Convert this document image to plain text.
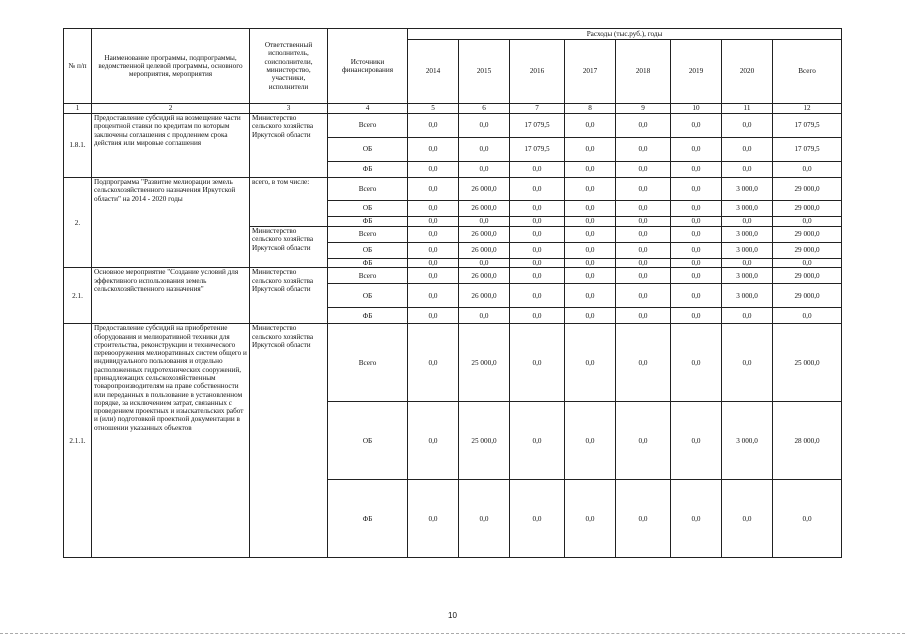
№ п/п	Наименование программы, подпрограммы, ведомственной целевой программы, основного мероприятия, мероприятия	Ответственный исполнитель, соисполнители, министерство, участники, исполнители	Источники финансирования	Расходы (тыс.руб.), годы							
				2014	2015	2016	2017	2018	2019	2020	Всего
1	2	3	4	5	6	7	8	9	10	11	12
1.8.1.	Предоставление субсидий на возмещение части процентной ставки по кредитам по которым заключены соглашения с продлением срока действия или мировые соглашения	Министерство сельского хозяйства Иркутской области	Всего	0,0	0,0	17 079,5	0,0	0,0	0,0	0,0	17 079,5
			ОБ	0,0	0,0	17 079,5	0,0	0,0	0,0	0,0	17 079,5
			ФБ	0,0	0,0	0,0	0,0	0,0	0,0	0,0	0,0
2.	Подпрограмма "Развитие мелиорации земель сельскохозяйственного назначения Иркутской области" на 2014 - 2020 годы	всего, в том числе:	Всего	0,0	26 000,0	0,0	0,0	0,0	0,0	3 000,0	29 000,0
			ОБ	0,0	26 000,0	0,0	0,0	0,0	0,0	3 000,0	29 000,0
			ФБ	0,0	0,0	0,0	0,0	0,0	0,0	0,0	0,0
		Министерство сельского хозяйства Иркутской области	Всего	0,0	26 000,0	0,0	0,0	0,0	0,0	3 000,0	29 000,0
			ОБ	0,0	26 000,0	0,0	0,0	0,0	0,0	3 000,0	29 000,0
			ФБ	0,0	0,0	0,0	0,0	0,0	0,0	0,0	0,0
2.1.	Основное мероприятие "Создание условий для эффективного использования земель сельскохозяйственного назначения"	Министерство сельского хозяйства Иркутской области	Всего	0,0	26 000,0	0,0	0,0	0,0	0,0	3 000,0	29 000,0
			ОБ	0,0	26 000,0	0,0	0,0	0,0	0,0	3 000,0	29 000,0
			ФБ	0,0	0,0	0,0	0,0	0,0	0,0	0,0	0,0
2.1.1.	Предоставление субсидий на приобретение оборудования и мелиоративной техники для строительства, реконструкции и технического перевооружения мелиоративных систем общего и индивидуального пользования и отдельно расположенных гидротехнических сооружений, принадлежащих сельскохозяйственным товаропроизводителям на праве собственности или переданных в пользование в установленном порядке, за исключением затрат, связанных с проведением проектных и изыскательских работ и (или) подготовкой проектной документации в отношении указанных объектов	Министерство сельского хозяйства Иркутской области	Всего	0,0	25 000,0	0,0	0,0	0,0	0,0	0,0	25 000,0
			ОБ	0,0	25 000,0	0,0	0,0	0,0	0,0	3 000,0	28 000,0
			ФБ	0,0	0,0	0,0	0,0	0,0	0,0	0,0	0,0
10
